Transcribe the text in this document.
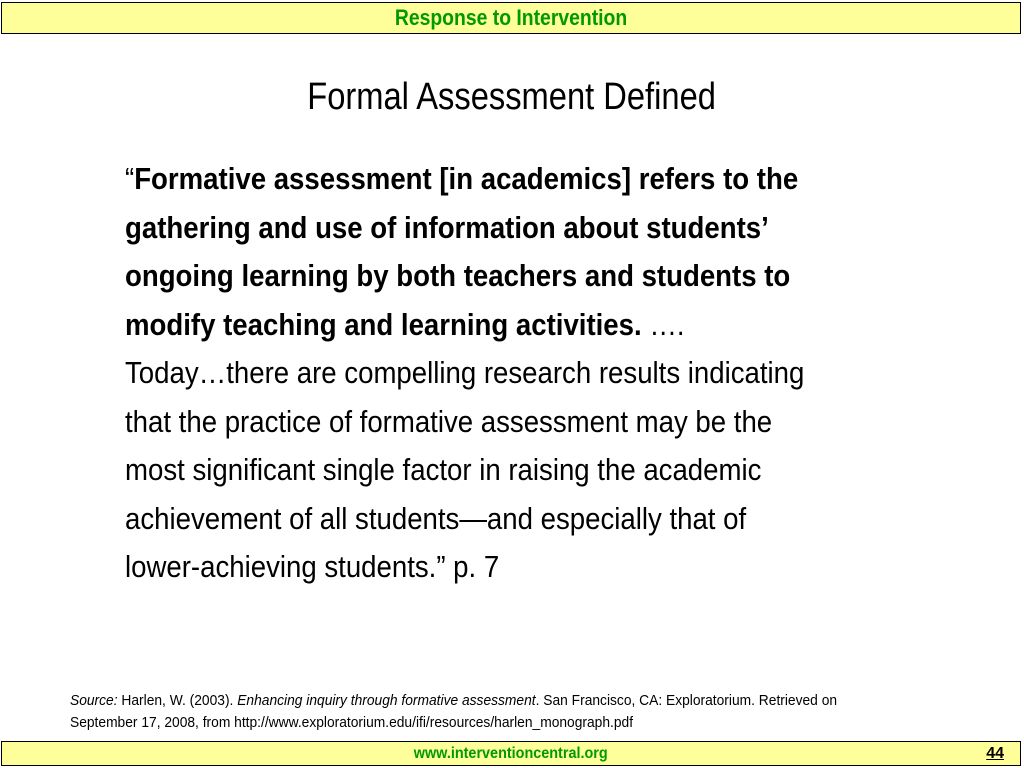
Response to Intervention
Formal Assessment Defined
“Formative assessment [in academics] refers to the
gathering and use of information about students’
ongoing learning by both teachers and students to
modify teaching and learning activities. ….
Today…there are compelling research results indicating
that the practice of formative assessment may be the
most significant single factor in raising the academic
achievement of all students—and especially that of
lower-achieving students.” p. 7
Source: Harlen, W. (2003). Enhancing inquiry through formative assessment. San Francisco, CA: Exploratorium. Retrieved on
September 17, 2008, from http://www.exploratorium.edu/ifi/resources/harlen_monograph.pdf
www.interventioncentral.org	44
